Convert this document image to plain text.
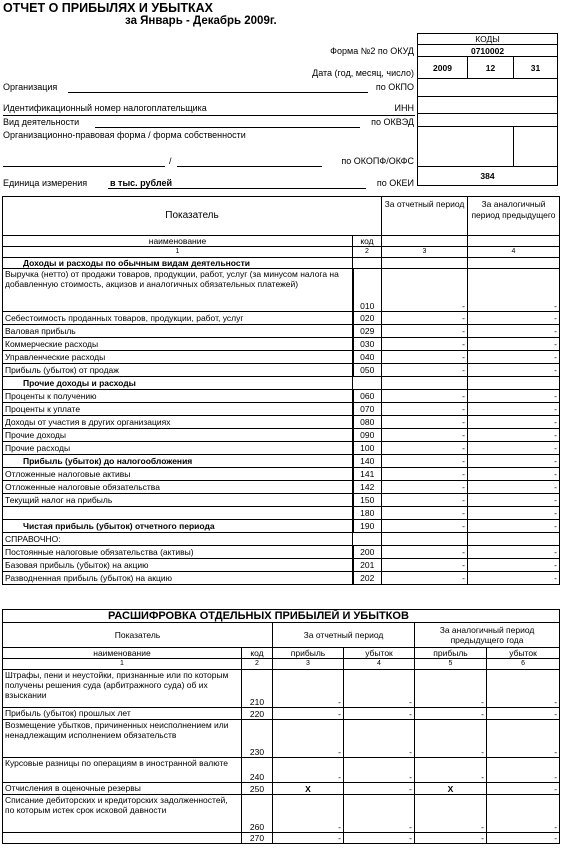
ОТЧЕТ О ПРИБЫЛЯХ И УБЫТКАХ
за Январь - Декабрь 2009г.
КОДЫ		
0710002		
2009	12	31

384		
Форма №2 по ОКУД
Дата (год, месяц, число)
Организация	по ОКПО
Идентификационный номер налогоплательщика	ИНН
Вид деятельности	по ОКВЭД
Организационно-правовая форма / форма собственности
/	по ОКОПФ/ОКФС
Единица измерения	в тыс. рублей	по ОКЕИ
Показатель		За отчетный период	За аналогичный период предыдущего
наименование	код		
1	2	3	4
Доходы и расходы по обычным видам деятельности			
Выручка (нетто) от продажи товаров, продукции, работ, услуг (за минусом налога на добавленную стоимость, акцизов и аналогичных обязательных платежей)	010	-	-
Себестоимость проданных товаров, продукции, работ, услуг	020	-	-
Валовая прибыль	029	-	-
Коммерческие расходы	030	-	-
Управленческие расходы	040	-	-
Прибыль (убыток) от продаж	050	-	-
Прочие доходы и расходы			
Проценты к получению	060	-	-
Проценты к уплате	070	-	-
Доходы от участия в других организациях	080	-	-
Прочие доходы	090	-	-
Прочие расходы	100	-	-
Прибыль (убыток) до налогообложения	140	-	-
Отложенные налоговые активы	141	-	-
Отложенные налоговые обязательства	142	-	-
Текущий налог на прибыль	150	-	-
	180	-	-
Чистая прибыль (убыток) отчетного периода	190	-	-
СПРАВОЧНО:			
Постоянные налоговые обязательства (активы)	200	-	-
Базовая прибыль (убыток) на акцию	201	-	-
Разводненная прибыль (убыток) на акцию	202	-	-
РАСШИФРОВКА ОТДЕЛЬНЫХ ПРИБЫЛЕЙ И УБЫТКОВ					
Показатель		За отчетный период		За аналогичный период предыдущего года	
наименование	код	прибыль	убыток	прибыль	убыток
1	2	3	4	5	6
Штрафы, пени и неустойки, признанные или по которым получены решения суда (арбитражного суда) об их взыскании	210	-	-	-	-
Прибыль (убыток) прошлых лет	220	-	-	-	-
Возмещение убытков, причиненных неисполнением или ненадлежащим исполнением обязательств	230	-	-	-	-
Курсовые разницы по операциям в иностранной валюте	240	-	-	-	-
Отчисления в оценочные резервы	250	X	-	X	-
Списание дебиторских и кредиторских задолженностей, по которым истек срок исковой давности	260	-	-	-	-
	270	-	-	-	-
